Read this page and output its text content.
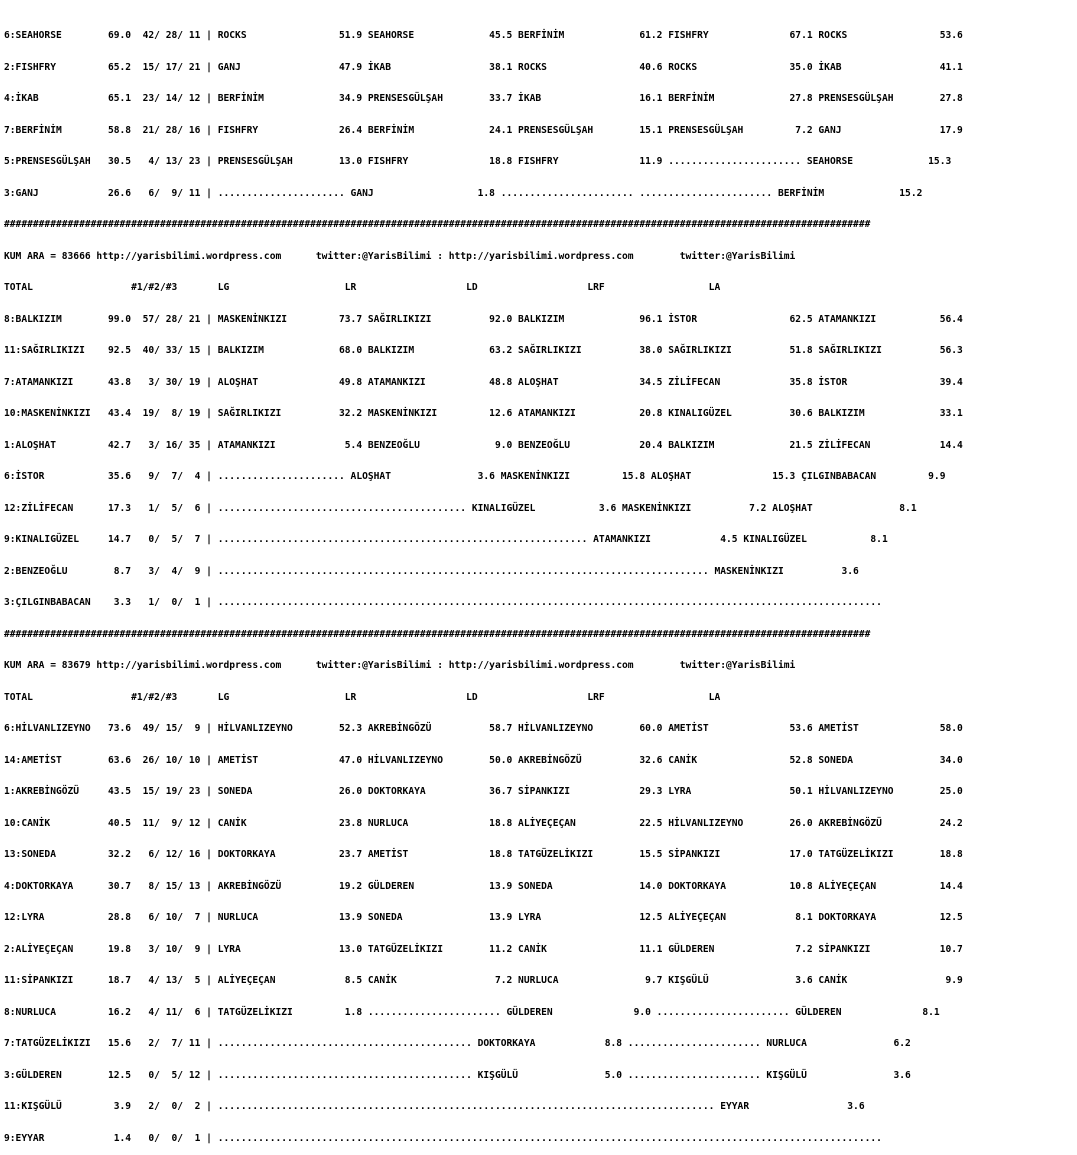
6:SEAHORSE        69.0  42/ 28/ 11 | ROCKS                51.9 SEAHORSE             45.5 BERFİNİM             61.2 FISHFRY              67.1 ROCKS                53.6

2:FISHFRY         65.2  15/ 17/ 21 | GANJ                 47.9 İKAB                 38.1 ROCKS                40.6 ROCKS                35.0 İKAB                 41.1

4:İKAB            65.1  23/ 14/ 12 | BERFİNİM             34.9 PRENSESGÜLŞAH        33.7 İKAB                 16.1 BERFİNİM             27.8 PRENSESGÜLŞAH        27.8

7:BERFİNİM        58.8  21/ 28/ 16 | FISHFRY              26.4 BERFİNİM             24.1 PRENSESGÜLŞAH        15.1 PRENSESGÜLŞAH         7.2 GANJ                 17.9

5:PRENSESGÜLŞAH   30.5   4/ 13/ 23 | PRENSESGÜLŞAH        13.0 FISHFRY              18.8 FISHFRY              11.9 ....................... SEAHORSE             15.3

3:GANJ            26.6   6/  9/ 11 | ...................... GANJ                  1.8 ....................... ....................... BERFİNİM             15.2

######################################################################################################################################################

KUM ARA = 83666 http://yarisbilimi.wordpress.com      twitter:@YarisBilimi : http://yarisbilimi.wordpress.com        twitter:@YarisBilimi

TOTAL                 #1/#2/#3       LG                    LR                   LD                   LRF                  LA

8:BALKIZIM        99.0  57/ 28/ 21 | MASKENİNKIZI         73.7 SAĞIRLIKIZI          92.0 BALKIZIM             96.1 İSTOR                62.5 ATAMANKIZI           56.4

11:SAĞIRLIKIZI    92.5  40/ 33/ 15 | BALKIZIM             68.0 BALKIZIM             63.2 SAĞIRLIKIZI          38.0 SAĞIRLIKIZI          51.8 SAĞIRLIKIZI          56.3

7:ATAMANKIZI      43.8   3/ 30/ 19 | ALOŞHAT              49.8 ATAMANKIZI           48.8 ALOŞHAT              34.5 ZİLİFECAN            35.8 İSTOR                39.4

10:MASKENİNKIZI   43.4  19/  8/ 19 | SAĞIRLIKIZI          32.2 MASKENİNKIZI         12.6 ATAMANKIZI           20.8 KINALIGÜZEL          30.6 BALKIZIM             33.1

1:ALOŞHAT         42.7   3/ 16/ 35 | ATAMANKIZI            5.4 BENZEOĞLU             9.0 BENZEOĞLU            20.4 BALKIZIM             21.5 ZİLİFECAN            14.4

6:İSTOR           35.6   9/  7/  4 | ...................... ALOŞHAT               3.6 MASKENİNKIZI         15.8 ALOŞHAT              15.3 ÇILGINBABACAN         9.9

12:ZİLİFECAN      17.3   1/  5/  6 | ........................................... KINALIGÜZEL           3.6 MASKENİNKIZI          7.2 ALOŞHAT               8.1

9:KINALIGÜZEL     14.7   0/  5/  7 | ................................................................ ATAMANKIZI            4.5 KINALIGÜZEL           8.1

2:BENZEOĞLU        8.7   3/  4/  9 | ..................................................................................... MASKENİNKIZI          3.6

3:ÇILGINBABACAN    3.3   1/  0/  1 | ...................................................................................................................

######################################################################################################################################################

KUM ARA = 83679 http://yarisbilimi.wordpress.com      twitter:@YarisBilimi : http://yarisbilimi.wordpress.com        twitter:@YarisBilimi

TOTAL                 #1/#2/#3       LG                    LR                   LD                   LRF                  LA

6:HİLVANLIZEYNO   73.6  49/ 15/  9 | HİLVANLIZEYNO        52.3 AKREBİNGÖZÜ          58.7 HİLVANLIZEYNO        60.0 AMETİST              53.6 AMETİST              58.0

14:AMETİST        63.6  26/ 10/ 10 | AMETİST              47.0 HİLVANLIZEYNO        50.0 AKREBİNGÖZÜ          32.6 CANİK                52.8 SONEDA               34.0

1:AKREBİNGÖZÜ     43.5  15/ 19/ 23 | SONEDA               26.0 DOKTORKAYA           36.7 SİPANKIZI            29.3 LYRA                 50.1 HİLVANLIZEYNO        25.0

10:CANİK          40.5  11/  9/ 12 | CANİK                23.8 NURLUCA              18.8 ALİYEÇEÇAN           22.5 HİLVANLIZEYNO        26.0 AKREBİNGÖZÜ          24.2

13:SONEDA         32.2   6/ 12/ 16 | DOKTORKAYA           23.7 AMETİST              18.8 TATGÜZELİKIZI        15.5 SİPANKIZI            17.0 TATGÜZELİKIZI        18.8

4:DOKTORKAYA      30.7   8/ 15/ 13 | AKREBİNGÖZÜ          19.2 GÜLDEREN             13.9 SONEDA               14.0 DOKTORKAYA           10.8 ALİYEÇEÇAN           14.4

12:LYRA           28.8   6/ 10/  7 | NURLUCA              13.9 SONEDA               13.9 LYRA                 12.5 ALİYEÇEÇAN            8.1 DOKTORKAYA           12.5

2:ALİYEÇEÇAN      19.8   3/ 10/  9 | LYRA                 13.0 TATGÜZELİKIZI        11.2 CANİK                11.1 GÜLDEREN              7.2 SİPANKIZI            10.7

11:SİPANKIZI      18.7   4/ 13/  5 | ALİYEÇEÇAN            8.5 CANİK                 7.2 NURLUCA               9.7 KIŞGÜLÜ               3.6 CANİK                 9.9

8:NURLUCA         16.2   4/ 11/  6 | TATGÜZELİKIZI         1.8 ....................... GÜLDEREN              9.0 ....................... GÜLDEREN              8.1

7:TATGÜZELİKIZI   15.6   2/  7/ 11 | ............................................ DOKTORKAYA            8.8 ....................... NURLUCA               6.2

3:GÜLDEREN        12.5   0/  5/ 12 | ............................................ KIŞGÜLÜ               5.0 ....................... KIŞGÜLÜ               3.6

11:KIŞGÜLÜ         3.9   2/  0/  2 | ...................................................................................... EYYAR                 3.6

9:EYYAR            1.4   0/  0/  1 | ...................................................................................................................
